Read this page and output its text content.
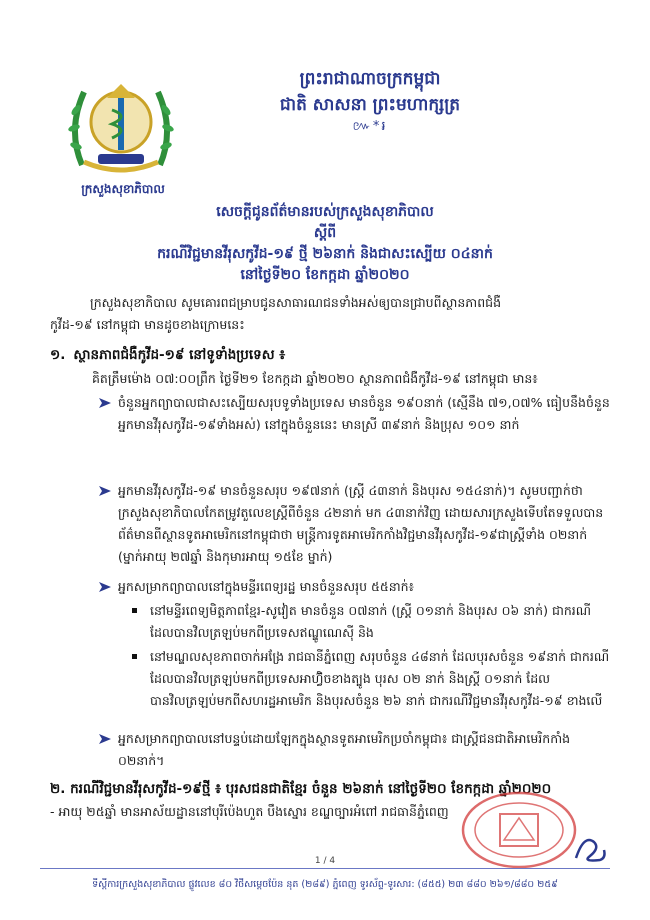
ក្រសួងសុខាភិបាល
ព្រះរាជាណាចក្រកម្ពុជា
ជាតិ សាសនា ព្រះមហាក្សត្រ
៚*៛
សេចក្ដីជូនព័ត៌មានរបស់ក្រសួងសុខាភិបាល
ស្ដីពី
ករណីវិជ្ជមានវីរុសកូវីដ-១៩ ថ្មី ២៦នាក់ និងជាសះស្បើយ ០៤នាក់
នៅថ្ងៃទី២០ ខែកក្កដា ឆ្នាំ២០២០
ក្រសួងសុខាភិបាល សូមគោរពជម្រាបជូនសាធារណជនទាំងអស់ឲ្យបានជ្រាបពីស្ថានភាពជំងឺ
កូវីដ-១៩ នៅកម្ពុជា មានដូចខាងក្រោមនេះ
១. ស្ថានភាពជំងឺកូវីដ-១៩ នៅទូទាំងប្រទេស ៖
គិតត្រឹមម៉ោង ០៧:០០ព្រឹក ថ្ងៃទី២១ ខែកក្កដា ឆ្នាំ២០២០ ស្ថានភាពជំងឺកូវីដ-១៩ នៅកម្ពុជា មាន៖
ចំនួនអ្នកព្យាបាលជាសះស្បើយសរុបទូទាំងប្រទេស មានចំនួន ១៩០នាក់ (ស្មើនឹង ៧១,០៧% ធៀបនឹងចំនួនអ្នកមានវីរុសកូវីដ-១៩ទាំងអស់) នៅក្នុងចំនួននេះ មានស្រី ៣៩នាក់ និងប្រុស ១០១ នាក់
អ្នកមានវីរុសកូវីដ-១៩ មានចំនួនសរុប ១៩៧នាក់ (ស្ត្រី ៤៣នាក់ និងបុរស ១៥៤នាក់)។ សូមបញ្ជាក់ថា ក្រសួងសុខាភិបាលកែតម្រូវតួលេខស្ត្រីពីចំនួន ៤២នាក់ មក ៤៣នាក់វិញ ដោយសារក្រសួងទើបតែទទួលបានព័ត៌មានពីស្ថានទូតអាមេរិកនៅកម្ពុជាថា មន្ត្រីការទូតអាមេរិកកាំងវិជ្ជមានវីរុសកូវីដ-១៩ជាស្ត្រីទាំង ០២នាក់ (ម្នាក់អាយុ ២៧ឆ្នាំ និងកុមារអាយុ ១៥ខែ ម្នាក់)
អ្នកសម្រាកព្យាបាលនៅក្នុងមន្ទីរពេទ្យរដ្ឋ មានចំនួនសរុប ៥៥នាក់៖
នៅមន្ទីរពេទ្យមិត្តភាពខ្មែរ-សូវៀត មានចំនួន ០៧នាក់ (ស្ត្រី ០១នាក់ និងបុរស ០៦ នាក់) ជាករណីដែលបានវិលត្រឡប់មកពីប្រទេសឥណ្ឌូណេស៊ី និង
នៅមណ្ឌលសុខភាពចាក់អង្រែ រាជធានីភ្នំពេញ សរុបចំនួន ៤៨នាក់ ដែលបុរសចំនួន ១៩នាក់ ជាករណីដែលបានវិលត្រឡប់មកពីប្រទេសអាហ៊្វិចខាងត្បូង បុរស ០២ នាក់ និងស្ត្រី ០១នាក់ ដែលបានវិលត្រឡប់មកពីសហរដ្ឋអាមេរិក និងបុរសចំនួន ២៦ នាក់ ជាករណីវិជ្ជមានវីរុសកូវីដ-១៩ ខាងលើ
អ្នកសម្រាកព្យាបាលនៅបន្ទប់ដោយឡែកក្នុងស្ថានទូតអាមេរិកប្រចាំកម្ពុជា៖ ជាស្ត្រីជនជាតិអាមេរិកកាំង ០២នាក់។
២. ករណីវិជ្ជមានវីរុសកូវីដ-១៩ថ្មី ៖ បុរសជនជាតិខ្មែរ ចំនួន ២៦នាក់ នៅថ្ងៃទី២០ ខែកក្កដា ឆ្នាំ២០២០
- អាយុ ២៥ឆ្នាំ មានអាស័យដ្ឋាននៅបុរីប៉េងហួត បឹងស្នោរ ខណ្ឌច្បារអំពៅ រាជធានីភ្នំពេញ
1 / 4
ទីស្ដីការក្រសួងសុខាភិបាល ផ្លូវលេខ ៨០ វិថីសម្ដេចប៉ែន នុត (២៨៩) ភ្នំពេញ ទូរស័ព្ទ-ទូរសារ: (៨៥៥) ២៣ ៨៨០ ២៦១/៨៨០ ២៥៩
